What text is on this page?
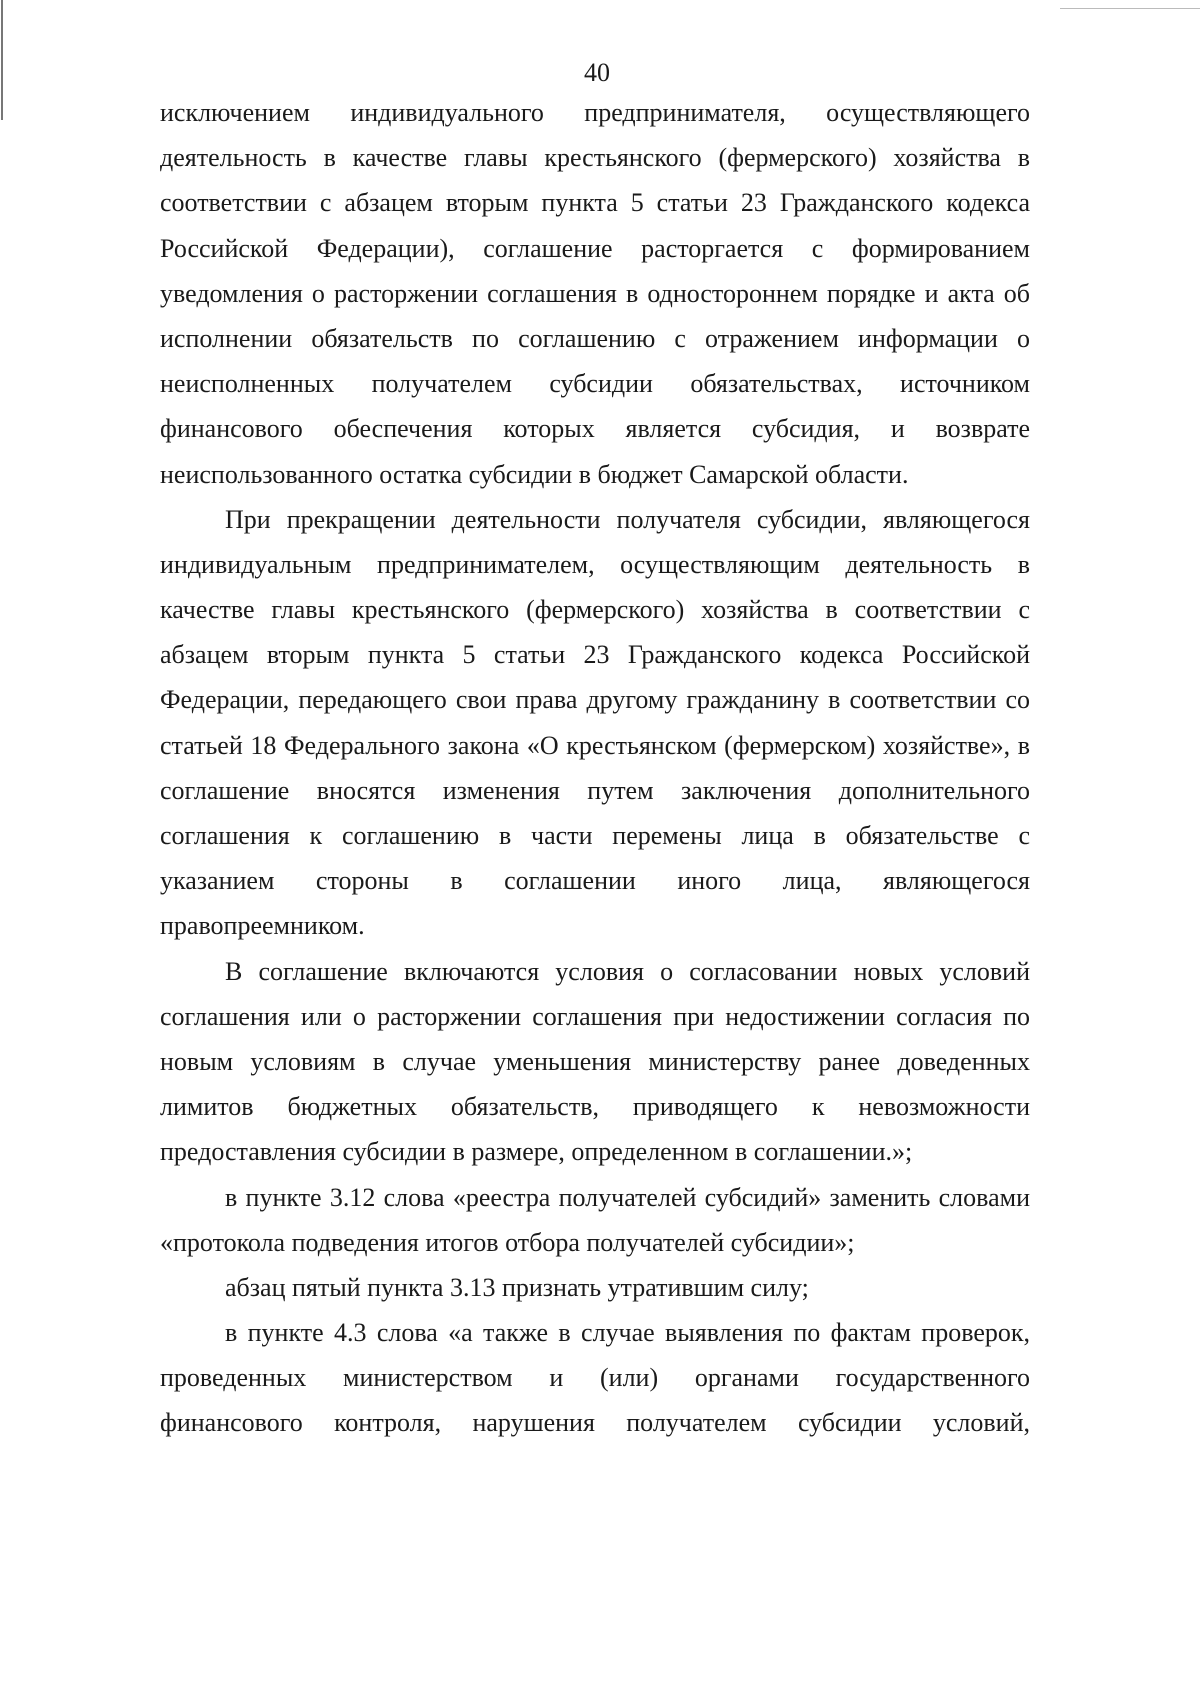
40
исключением индивидуального предпринимателя, осуществляющего
деятельность в качестве главы крестьянского (фермерского) хозяйства в
соответствии с абзацем вторым пункта 5 статьи 23 Гражданского кодекса
Российской Федерации), соглашение расторгается с формированием
уведомления о расторжении соглашения в одностороннем порядке и акта об
исполнении обязательств по соглашению с отражением информации о
неисполненных получателем субсидии обязательствах, источником
финансового обеспечения которых является субсидия, и возврате
неиспользованного остатка субсидии в бюджет Самарской области.
При прекращении деятельности получателя субсидии, являющегося
индивидуальным предпринимателем, осуществляющим деятельность в
качестве главы крестьянского (фермерского) хозяйства в соответствии с
абзацем вторым пункта 5 статьи 23 Гражданского кодекса Российской
Федерации, передающего свои права другому гражданину в соответствии со
статьей 18 Федерального закона «О крестьянском (фермерском) хозяйстве», в
соглашение вносятся изменения путем заключения дополнительного
соглашения к соглашению в части перемены лица в обязательстве с
указанием стороны в соглашении иного лица, являющегося
правопреемником.
В соглашение включаются условия о согласовании новых условий
соглашения или о расторжении соглашения при недостижении согласия по
новым условиям в случае уменьшения министерству ранее доведенных
лимитов бюджетных обязательств, приводящего к невозможности
предоставления субсидии в размере, определенном в соглашении.»;
в пункте 3.12 слова «реестра получателей субсидий» заменить словами
«протокола подведения итогов отбора получателей субсидии»;
абзац пятый пункта 3.13 признать утратившим силу;
в пункте 4.3 слова «а также в случае выявления по фактам проверок,
проведенных министерством и (или) органами государственного
финансового контроля, нарушения получателем субсидии условий,
